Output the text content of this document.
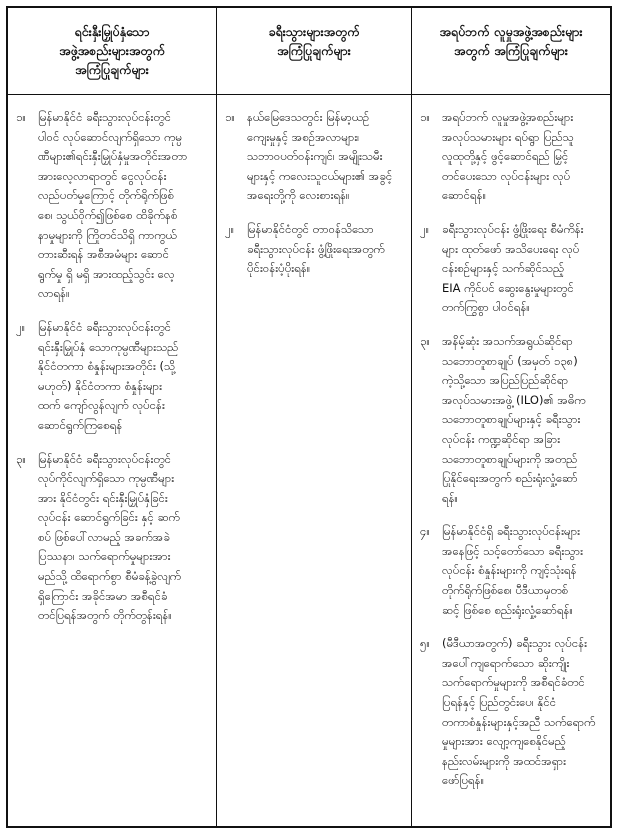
ရင်းနှီးမြှုပ်နှံသော
အဖွဲ့အစည်းများအတွက်
အကြံပြုချက်များ
၁။	မြန်မာနိုင်ငံ ခရီးသွားလုပ်ငန်းတွင်
ပါဝင် လုပ်ဆောင်လျက်ရှိသော ကုမ္ပ
ဏီများ၏ရင်းနှီးမြှုပ်နှံမှုအတိုင်းအတာ
အားလေ့လာရာတွင် ငွေလုပ်ငန်း
လည်ပတ်မှုကြောင့် တိုက်ရိုက်ဖြစ်
စေ၊ သွယ်ဝိုက်၍ဖြစ်စေ ထိခိုက်နစ်
နာမှုများကို ကြိုတင်သိရှိ ကာကွယ်
တားဆီးရန် အစီအမံများ ဆောင်
ရွက်မှု ရှိ မရှိ အားထည့်သွင်း လေ့
လာရန်။
၂။	မြန်မာနိုင်ငံ ခရီးသွားလုပ်ငန်းတွင်
ရင်းနှီးမြှုပ်နှံ သောကုမ္ပဏီများသည်
နိုင်ငံတကာ စံနှုန်းများအတိုင်း (သို့
မဟုတ်) နိုင်ငံတကာ စံနှုန်းများ
ထက် ကျော်လွန်လျက် လုပ်ငန်း
ဆောင်ရွက်ကြစေရန်
၃။	မြန်မာနိုင်ငံ ခရီးသွားလုပ်ငန်းတွင်
လုပ်ကိုင်လျက်ရှိသော ကုမ္ပဏီများ
အား နိုင်ငံတွင်း ရင်းနှီးမြှုပ်နှံခြင်း
လုပ်ငန်း ဆောင်ရွက်ခြင်း နှင့် ဆက်
စပ် ဖြစ်ပေါ်လာမည့် အခက်အခဲ
ပြဿနာ၊ သက်ရောက်မှုများအား
မည်သို့ ထိရောက်စွာ စီမံခန့်ခွဲလျက်
ရှိကြောင်း အခိုင်အမာ အစီရင်ခံ
တင်ပြရန်အတွက် တိုက်တွန်းရန်။
ခရီးသွားများအတွက်
အကြံပြုချက်များ
၁။	နယ်မြေဒေသတွင်း မြန်မာ့ယဉ်
ကျေးမှုနှင့် အစဉ်အလာများ၊
သဘာဝပတ်ဝန်းကျင်၊ အမျိုးသမီး
များနှင့် ကလေးသူငယ်များ၏ အခွင့်
အရေးတို့ကို လေးစားရန်။
၂။	မြန်မာနိုင်ငံတွင် တာဝန်သိသော
ခရီးသွားလုပ်ငန်း ဖွံ့ဖြိုးရေးအတွက်
ပိုင်းဝန်းပံ့ပိုးရန်။
အရပ်ဘက် လူမှုအဖွဲ့အစည်းများ
အတွက် အကြံပြုချက်များ
၁။	အရပ်ဘက် လူမှုအဖွဲ့အစည်းများ
အလုပ်သမားများ ရပ်ရွာ ပြည်သူ
လူထုတို့နှင့် ဖွင့်ဆောင်ရည် မြှင့်
တင်ပေးသော လုပ်ငန်းများ လုပ်
ဆောင်ရန်။
၂။	ခရီးသွားလုပ်ငန်း ဖွံ့ဖြိုးရေး စီမံကိန်း
များ ထုတ်ဖော် အသိပေးရေး လုပ်
ငန်းစဉ်များနှင့် သက်ဆိုင်သည့်
EIA ကိုင်ပင် ဆွေးနွေးမှုများတွင်
တက်ကြွစွာ ပါဝင်ရန်။
၃။	အနိမ့်ဆုံး အသက်အရွယ်ဆိုင်ရာ
သဘောတူစာချုပ် (အမှတ် ၁၃၈)
ကဲ့သို့သော အပြည်ပြည်ဆိုင်ရာ
အလုပ်သမားအဖွဲ့ (ILO)၏ အဓိက
သဘောတူစာချုပ်များနှင့် ခရီးသွား
လုပ်ငန်း ကဏ္ဍဆိုင်ရာ အခြား
သဘောတူစာချုပ်များကို အတည်
ပြုနိုင်ရေးအတွက် စည်းရုံးလှုံ့ဆော်
ရန်။
၄။	မြန်မာနိုင်ငံရှိ ခရီးသွားလုပ်ငန်းများ
အနေဖြင့် သင့်တော်သော ခရီးသွား
လုပ်ငန်း စံနှုန်းများကို ကျင့်သုံးရန်
တိုက်ရိုက်ဖြစ်စေ၊ ပီဒီယာမှတစ်
ဆင့် ဖြစ်စေ စည်းရုံးလှုံ့ဆော်ရန်။
၅။	(မီဒီယာအတွက်) ခရီးသွား လုပ်ငန်း
အပေါ်ကျရောက်သော ဆိုးကျိုး
သက်ရောက်မှုများကို အစီရင်ခံတင်
ပြရန်နှင့် ပြည်တွင်းပေ၊ နိုင်ငံ
တကာစံနှုန်းများနှင့်အညီ သက်ရောက်
မှုများအား လျော့ကျစေနိုင်မည့်
နည်းလမ်းများကို အထင်အရှား
ဖော်ပြရန်။
